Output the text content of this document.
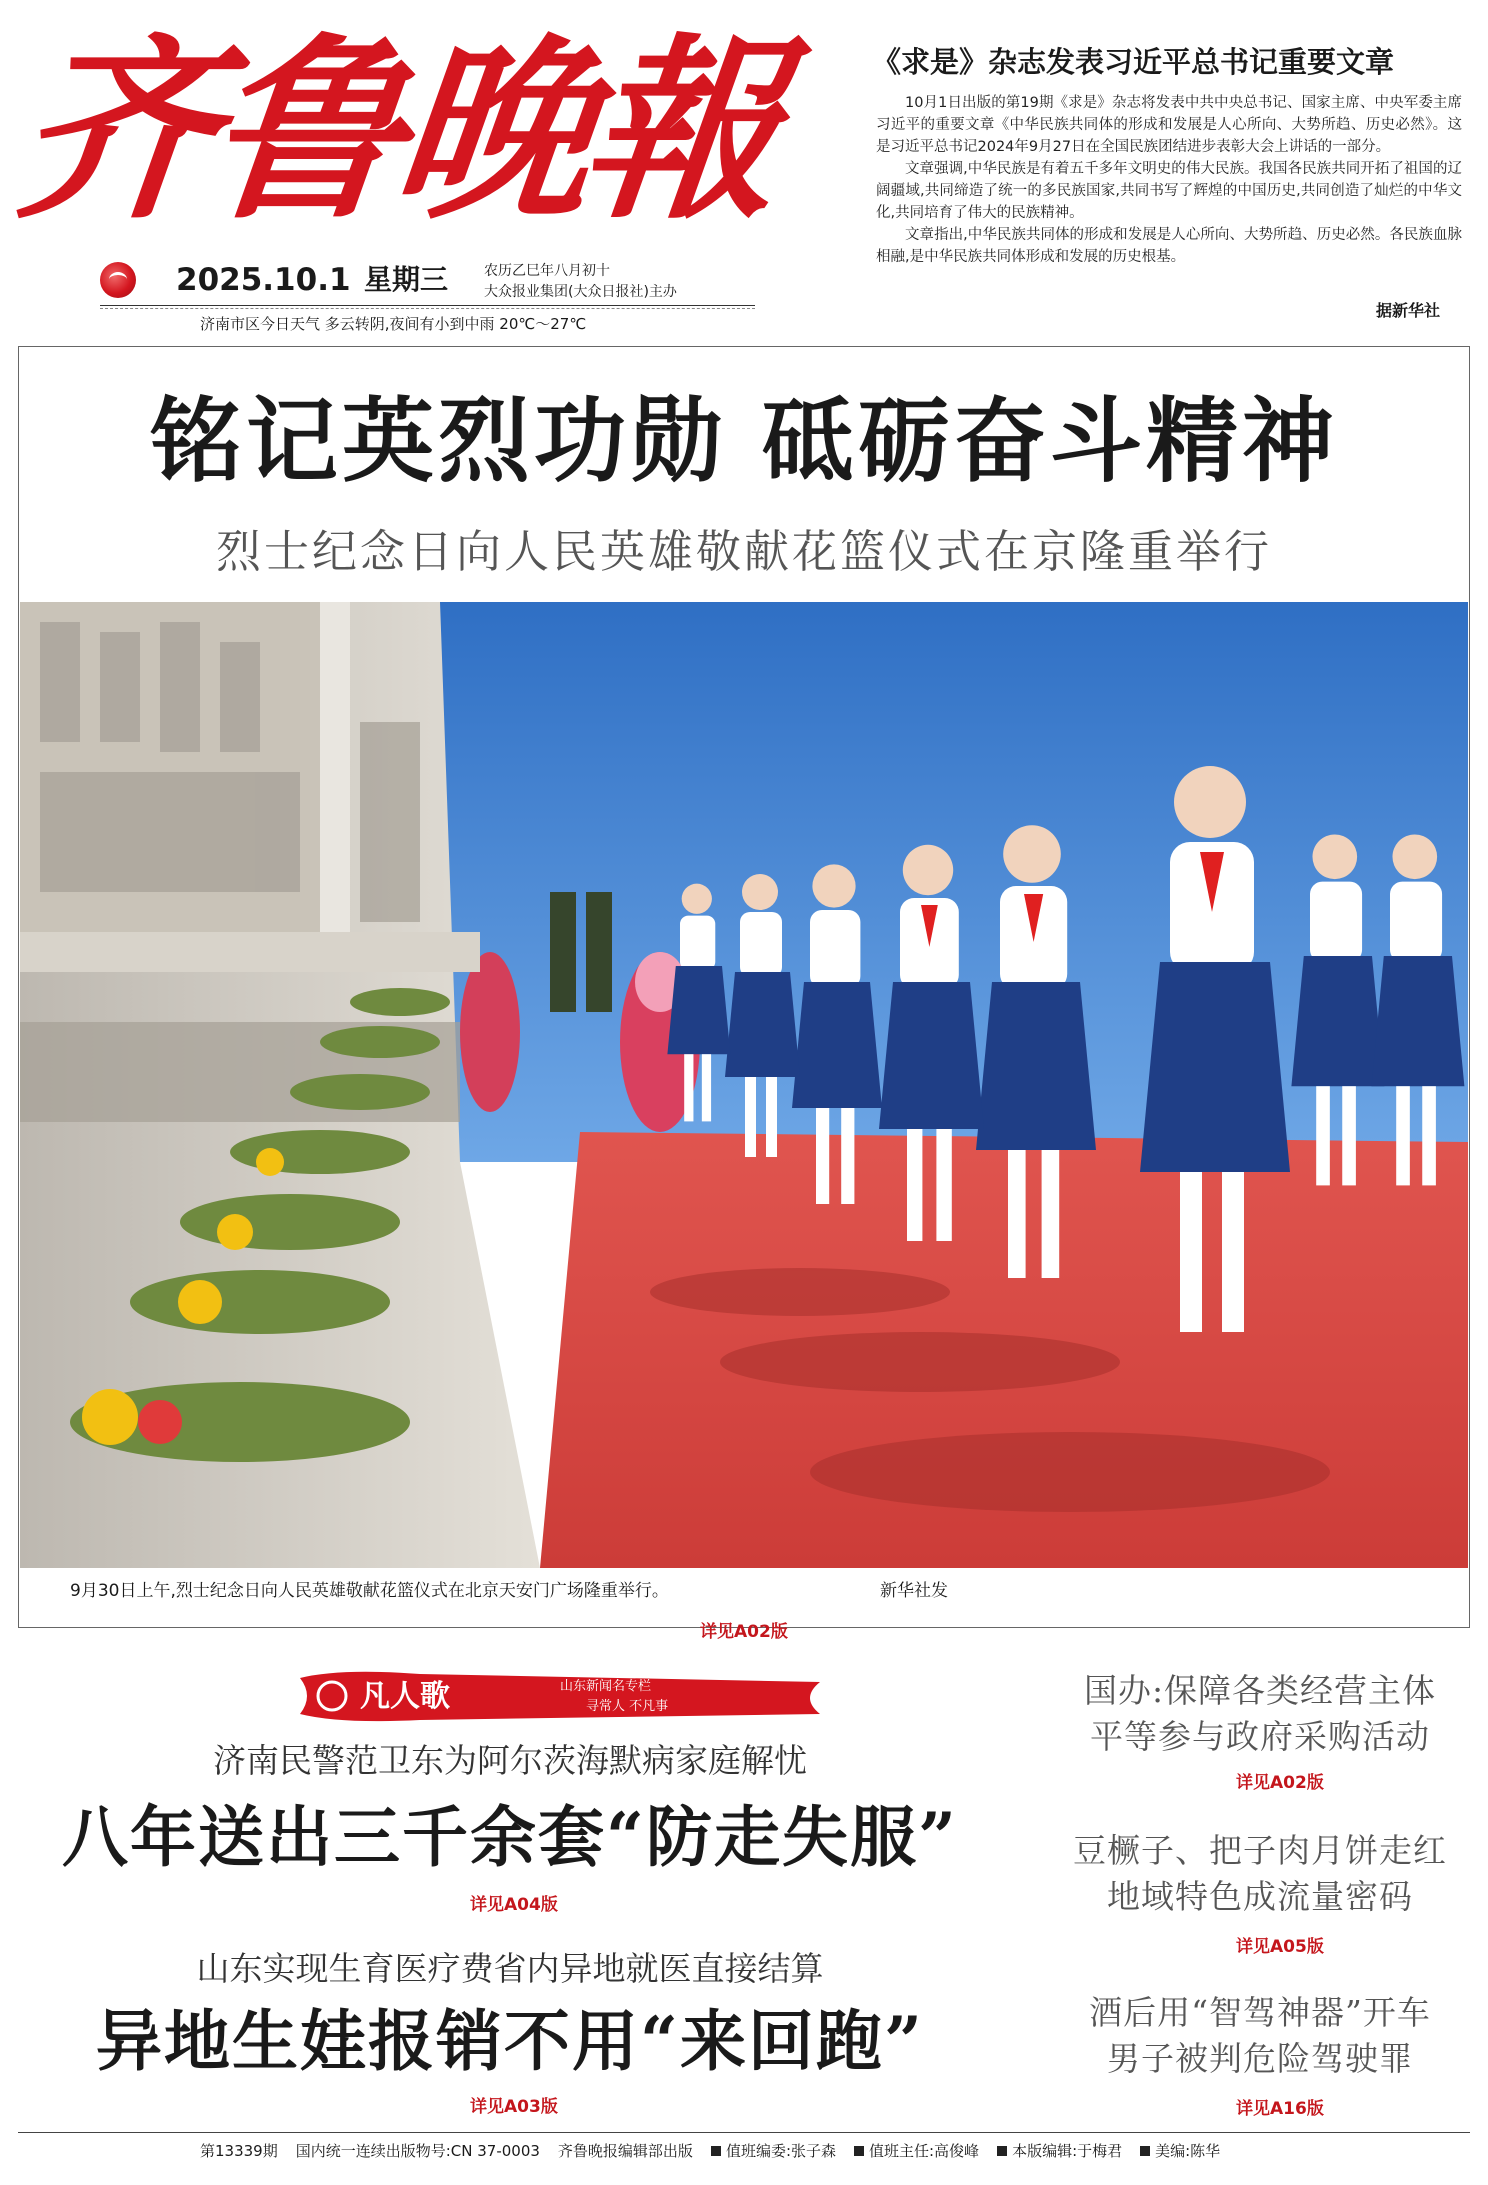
齐鲁晚報
2025.10.1 星期三	农历乙巳年八月初十
大众报业集团(大众日报社)主办
济南市区今日天气 多云转阴,夜间有小到中雨 20℃～27℃
《求是》杂志发表习近平总书记重要文章

10月1日出版的第19期《求是》杂志将发表中共中央总书记、国家主席、中央军委主席习近平的重要文章《中华民族共同体的形成和发展是人心所向、大势所趋、历史必然》。这是习近平总书记2024年9月27日在全国民族团结进步表彰大会上讲话的一部分。

文章强调,中华民族是有着五千多年文明史的伟大民族。我国各民族共同开拓了祖国的辽阔疆域,共同缔造了统一的多民族国家,共同书写了辉煌的中国历史,共同创造了灿烂的中华文化,共同培育了伟大的民族精神。

文章指出,中华民族共同体的形成和发展是人心所向、大势所趋、历史必然。各民族血脉相融,是中华民族共同体形成和发展的历史根基。

据新华社
铭记英烈功勋 砥砺奋斗精神
烈士纪念日向人民英雄敬献花篮仪式在京隆重举行
9月30日上午,烈士纪念日向人民英雄敬献花篮仪式在北京天安门广场隆重举行。	新华社发
详见A02版
凡人歌	山东新闻名专栏
寻常人 不凡事
济南民警范卫东为阿尔茨海默病家庭解忧
八年送出三千余套“防走失服”
详见A04版
山东实现生育医疗费省内异地就医直接结算
异地生娃报销不用“来回跑”
详见A03版
国办:保障各类经营主体
平等参与政府采购活动
详见A02版
豆橛子、把子肉月饼走红
地域特色成流量密码
详见A05版
酒后用“智驾神器”开车
男子被判危险驾驶罪
详见A16版
第13339期 国内统一连续出版物号:CN 37-0003 齐鲁晚报编辑部出版	值班编委:张子森	值班主任:高俊峰	本版编辑:于梅君	美编:陈华
